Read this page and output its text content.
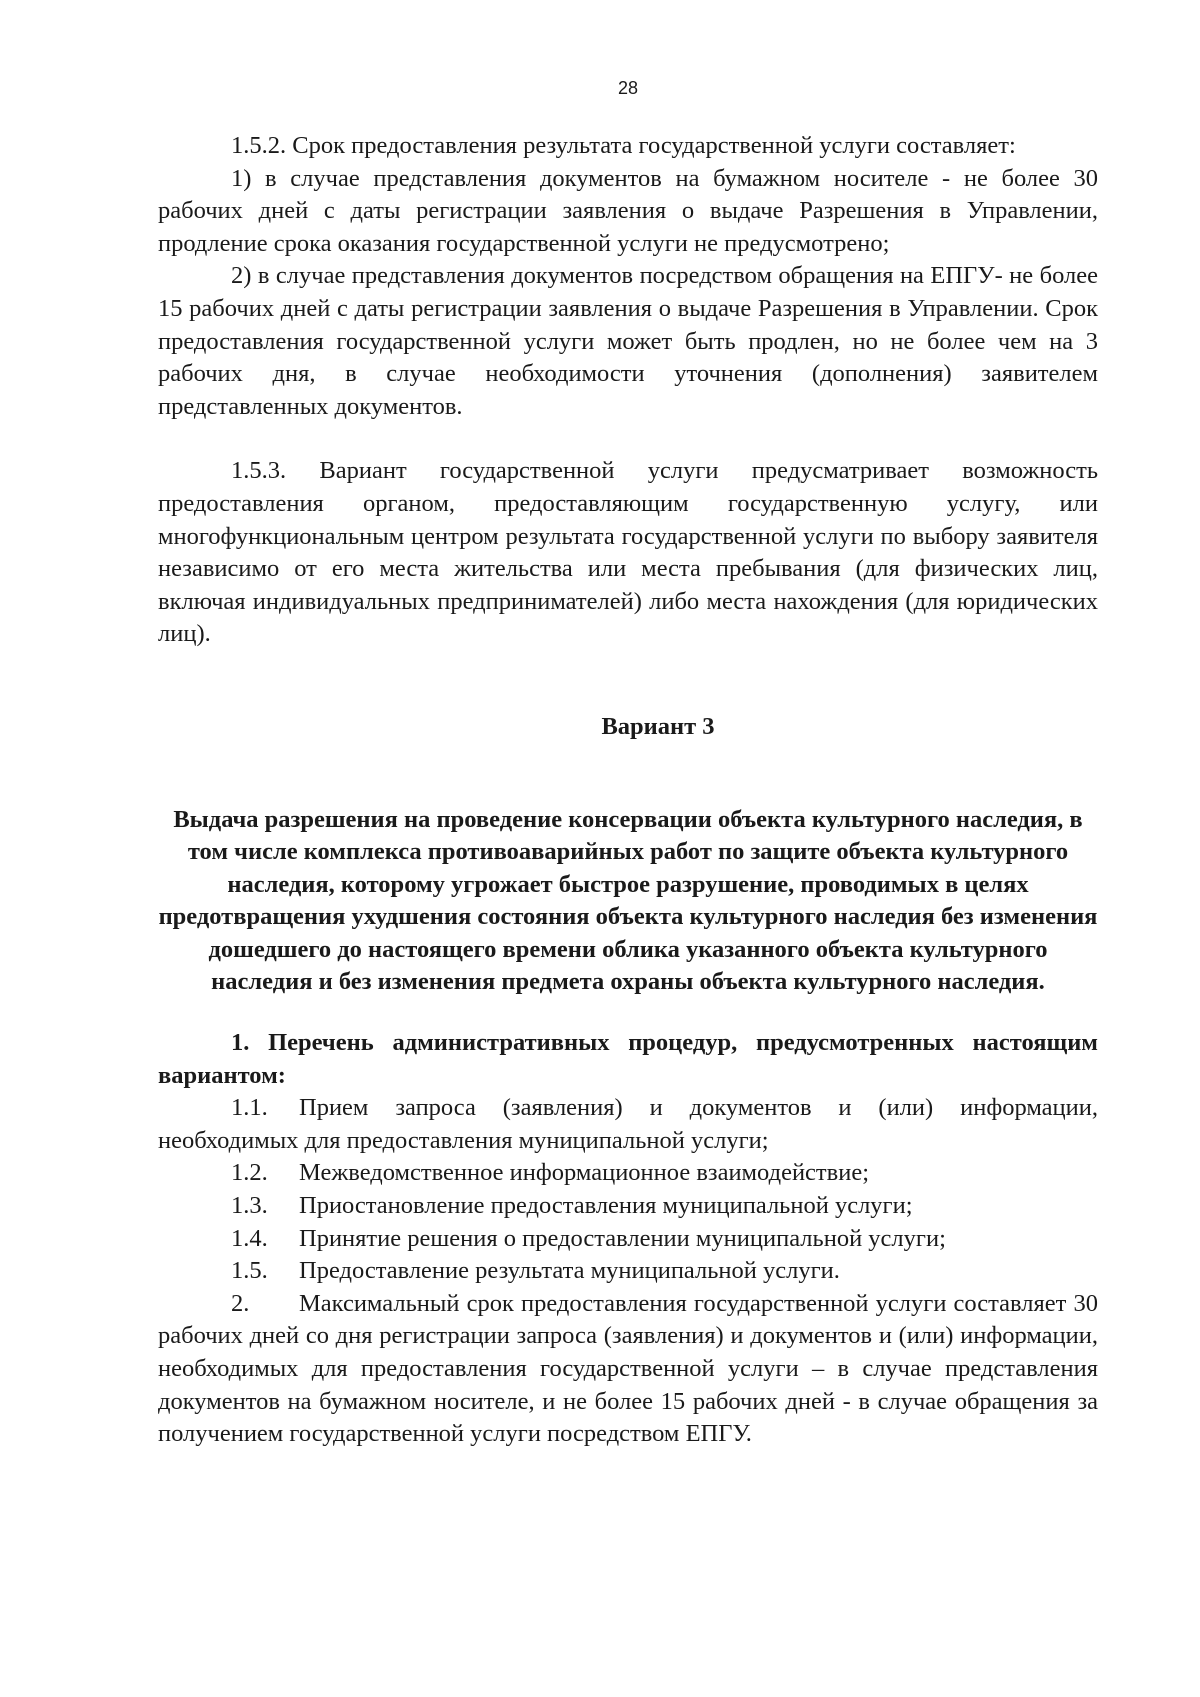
28

1.5.2. Срок предоставления результата государственной услуги составляет:

1) в случае представления документов на бумажном носителе - не более 30 рабочих дней с даты регистрации заявления о выдаче Разрешения в Управлении, продление срока оказания государственной услуги не предусмотрено;

2) в случае представления документов посредством обращения на ЕПГУ- не более 15 рабочих дней с даты регистрации заявления о выдаче Разрешения в Управлении. Срок предоставления государственной услуги может быть продлен, но не более чем на 3 рабочих дня, в случае необходимости уточнения (дополнения) заявителем представленных документов.

1.5.3. Вариант государственной услуги предусматривает возможность предоставления органом, предоставляющим государственную услугу, или многофункциональным центром результата государственной услуги по выбору заявителя независимо от его места жительства или места пребывания (для физических лиц, включая индивидуальных предпринимателей) либо места нахождения (для юридических лиц).

Вариант 3

Выдача разрешения на проведение консервации объекта культурного наследия, в том числе комплекса противоаварийных работ по защите объекта культурного наследия, которому угрожает быстрое разрушение, проводимых в целях предотвращения ухудшения состояния объекта культурного наследия без изменения дошедшего до настоящего времени облика указанного объекта культурного наследия и без изменения предмета охраны объекта культурного наследия.

1. Перечень административных процедур, предусмотренных настоящим вариантом:

1.1. Прием запроса (заявления) и документов и (или) информации, необходимых для предоставления муниципальной услуги;

1.2. Межведомственное информационное взаимодействие;

1.3. Приостановление предоставления муниципальной услуги;

1.4. Принятие решения о предоставлении муниципальной услуги;

1.5. Предоставление результата муниципальной услуги.

2. Максимальный срок предоставления государственной услуги составляет 30 рабочих дней со дня регистрации запроса (заявления) и документов и (или) информации, необходимых для предоставления государственной услуги – в случае представления документов на бумажном носителе, и не более 15 рабочих дней - в случае обращения за получением государственной услуги посредством ЕПГУ.
